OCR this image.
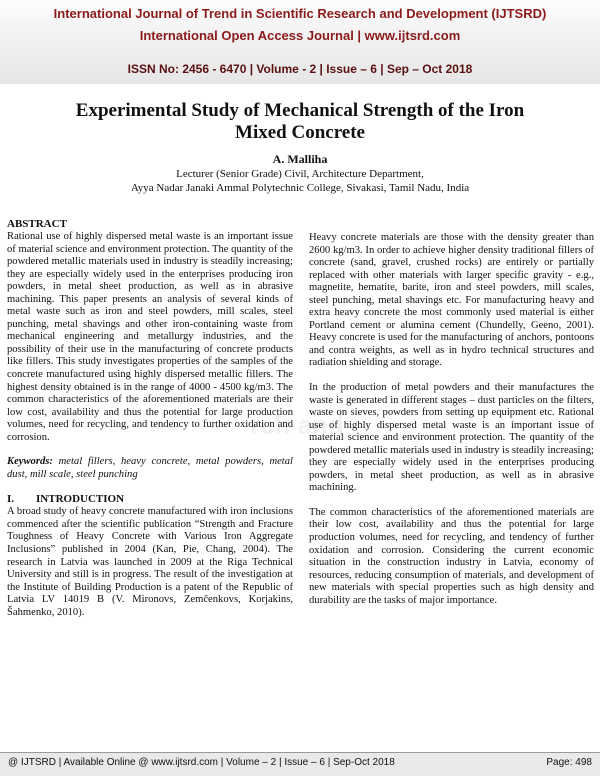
International Journal of Trend in Scientific Research and Development (IJTSRD)
International Open Access Journal | www.ijtsrd.com
ISSN No: 2456 - 6470 | Volume - 2 | Issue – 6 | Sep – Oct 2018
Experimental Study of Mechanical Strength of the Iron
Mixed Concrete
A. Malliha
Lecturer (Senior Grade) Civil, Architecture Department,
Ayya Nadar Janaki Ammal Polytechnic College, Sivakasi, Tamil Nadu, India
rch and
ABSTRACT

Rational use of highly dispersed metal waste is an important issue of material science and environment protection. The quantity of the powdered metallic materials used in industry is steadily increasing; they are especially widely used in the enterprises producing iron powders, in metal sheet production, as well as in abrasive machining. This paper presents an analysis of several kinds of metal waste such as iron and steel powders, mill scales, steel punching, metal shavings and other iron-containing waste from mechanical engineering and metallurgy industries, and the possibility of their use in the manufacturing of concrete products like fillers. This study investigates properties of the samples of the concrete manufactured using highly dispersed metallic fillers. The highest density obtained is in the range of 4000 - 4500 kg/m3. The common characteristics of the aforementioned materials are their low cost, availability and thus the potential for large production volumes, need for recycling, and tendency to further oxidation and corrosion.

Keywords: metal fillers, heavy concrete, metal powders, metal dust, mill scale, steel punching

I.        INTRODUCTION

A broad study of heavy concrete manufactured with iron inclusions commenced after the scientific publication “Strength and Fracture Toughness of Heavy Concrete with Various Iron Aggregate Inclusions” published in 2004 (Kan, Pie, Chang, 2004). The research in Latvia was launched in 2009 at the Riga Technical University and still is in progress. The result of the investigation at the Institute of Building Production is a patent of the Republic of Latvia LV 14019 B (V. Mironovs, Zemčenkovs, Korjakins, Šahmenko, 2010).

Heavy concrete materials are those with the density greater than 2600 kg/m3. In order to achieve higher density traditional fillers of concrete (sand, gravel, crushed rocks) are entirely or partially replaced with other materials with larger specific gravity - e.g., magnetite, hematite, barite, iron and steel powders, mill scales, steel punching, metal shavings etc. For manufacturing heavy and extra heavy concrete the most commonly used material is either Portland cement or alumina cement (Chundelly, Geeno, 2001). Heavy concrete is used for the manufacturing of anchors, pontoons and contra weights, as well as in hydro technical structures and radiation shielding and storage.

In the production of metal powders and their manufactures the waste is generated in different stages – dust particles on the filters, waste on sieves, powders from setting up equipment etc. Rational use of highly dispersed metal waste is an important issue of material science and environment protection. The quantity of the powdered metallic materials used in industry is steadily increasing; they are especially widely used in the enterprises producing powders, in metal sheet production, as well as in abrasive machining.

The common characteristics of the aforementioned materials are their low cost, availability and thus the potential for large production volumes, need for recycling, and tendency of further oxidation and corrosion. Considering the current economic situation in the construction industry in Latvia, economy of resources, reducing consumption of materials, and development of new materials with special properties such as high density and durability are the tasks of major importance.

@ IJTSRD | Available Online @ www.ijtsrd.com | Volume – 2 | Issue – 6 | Sep-Oct 2018	Page: 498
